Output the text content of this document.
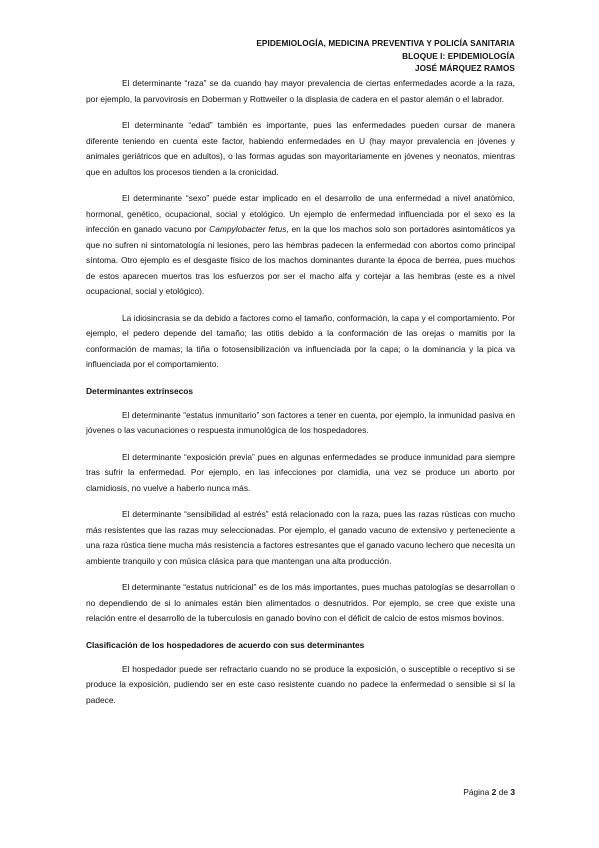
EPIDEMIOLOGÍA, MEDICINA PREVENTIVA Y POLICÍA SANITARIA
BLOQUE I: EPIDEMIOLOGÍA
JOSÉ MÁRQUEZ RAMOS

El determinante “raza” se da cuando hay mayor prevalencia de ciertas enfermedades acorde a la raza, por ejemplo, la parvovirosis en Doberman y Rottweiler o la displasia de cadera en el pastor alemán o el labrador.

El determinante “edad” también es importante, pues las enfermedades pueden cursar de manera diferente teniendo en cuenta este factor, habiendo enfermedades en U (hay mayor prevalencia en jóvenes y animales geriátricos que en adultos), o las formas agudas son mayoritariamente en jóvenes y neonatos, mientras que en adultos los procesos tienden a la cronicidad.

El determinante “sexo” puede estar implicado en el desarrollo de una enfermedad a nivel anatómico, hormonal, genético, ocupacional, social y etológico. Un ejemplo de enfermedad influenciada por el sexo es la infección en ganado vacuno por Campylobacter fetus, en la que los machos solo son portadores asintomáticos ya que no sufren ni sintomatología ni lesiones, pero las hembras padecen la enfermedad con abortos como principal síntoma. Otro ejemplo es el desgaste físico de los machos dominantes durante la época de berrea, pues muchos de estos aparecen muertos tras los esfuerzos por ser el macho alfa y cortejar a las hembras (este es a nivel ocupacional, social y etológico).

La idiosincrasia se da debido a factores como el tamaño, conformación, la capa y el comportamiento. Por ejemplo, el pedero depende del tamaño; las otitis debido a la conformación de las orejas o mamitis por la conformación de mamas; la tiña o fotosensibilización va influenciada por la capa; o la dominancia y la pica va influenciada por el comportamiento.

Determinantes extrínsecos

El determinante “estatus inmunitario” son factores a tener en cuenta, por ejemplo, la inmunidad pasiva en jóvenes o las vacunaciones o respuesta inmunológica de los hospedadores.

El determinante “exposición previa” pues en algunas enfermedades se produce inmunidad para siempre tras sufrir la enfermedad. Por ejemplo, en las infecciones por clamidia, una vez se produce un aborto por clamidiosis, no vuelve a haberlo nunca más.

El determinante “sensibilidad al estrés” está relacionado con la raza, pues las razas rústicas con mucho más resistentes que las razas muy seleccionadas. Por ejemplo, el ganado vacuno de extensivo y perteneciente a una raza rústica tiene mucha más resistencia a factores estresantes que el ganado vacuno lechero que necesita un ambiente tranquilo y con música clásica para que mantengan una alta producción.

El determinante “estatus nutricional” es de los más importantes, pues muchas patologías se desarrollan o no dependiendo de si lo animales están bien alimentados o desnutridos. Por ejemplo, se cree que existe una relación entre el desarrollo de la tuberculosis en ganado bovino con el déficit de calcio de estos mismos bovinos.

Clasificación de los hospedadores de acuerdo con sus determinantes

El hospedador puede ser refractario cuando no se produce la exposición, o susceptible o receptivo si se produce la exposición, pudiendo ser en este caso resistente cuando no padece la enfermedad o sensible si sí la padece.

Página 2 de 3
